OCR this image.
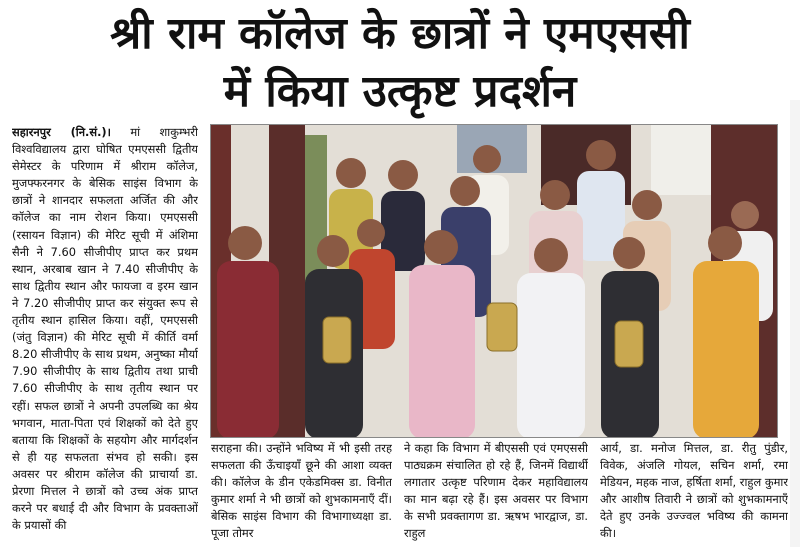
श्री राम कॉलेज के छात्रों ने एमएससी
में किया उत्कृष्ट प्रदर्शन
सहारनपुर (नि.सं.)। मां शाकुम्भरी विश्वविद्यालय द्वारा घोषित एमएससी द्वितीय सेमेस्टर के परिणाम में श्रीराम कॉलेज, मुजफ्फरनगर के बेसिक साइंस विभाग के छात्रों ने शानदार सफलता अर्जित की और कॉलेज का नाम रोशन किया। एमएससी (रसायन विज्ञान) की मेरिट सूची में अंशिमा सैनी ने 7.60 सीजीपीए प्राप्त कर प्रथम स्थान, अरबाब खान ने 7.40 सीजीपीए के साथ द्वितीय स्थान और फायजा व इरम खान ने 7.20 सीजीपीए प्राप्त कर संयुक्त रूप से तृतीय स्थान हासिल किया। वहीं, एमएससी (जंतु विज्ञान) की मेरिट सूची में कीर्ति वर्मा 8.20 सीजीपीए के साथ प्रथम, अनुष्का मौर्या 7.90 सीजीपीए के साथ द्वितीय तथा प्राची 7.60 सीजीपीए के साथ तृतीय स्थान पर रहीं। सफल छात्रों ने अपनी उपलब्धि का श्रेय भगवान, माता-पिता एवं शिक्षकों को देते हुए बताया कि शिक्षकों के सहयोग और मार्गदर्शन से ही यह सफलता संभव हो सकी। इस अवसर पर श्रीराम कॉलेज की प्राचार्या डा. प्रेरणा मित्तल ने छात्रों को उच्च अंक प्राप्त करने पर बधाई दी और विभाग के प्रवक्ताओं के प्रयासों की
सराहना की। उन्होंने भविष्य में भी इसी तरह सफलता की ऊँचाइयाँ छूने की आशा व्यक्त की। कॉलेज के डीन एकेडमिक्स डा. विनीत कुमार शर्मा ने भी छात्रों को शुभकामनाएँ दीं। बेसिक साइंस विभाग की विभागाध्यक्षा डा. पूजा तोमर
ने कहा कि विभाग में बीएससी एवं एमएससी पाठ्यक्रम संचालित हो रहे हैं, जिनमें विद्यार्थी लगातार उत्कृष्ट परिणाम देकर महाविद्यालय का मान बढ़ा रहे हैं। इस अवसर पर विभाग के सभी प्रवक्तागण डा. ऋषभ भारद्वाज, डा. राहुल
आर्य, डा. मनोज मित्तल, डा. रीतु पुंडीर, विवेक, अंजलि गोयल, सचिन शर्मा, रमा मेडियन, महक नाज, हर्षिता शर्मा, राहुल कुमार और आशीष तिवारी ने छात्रों को शुभकामनाएँ देते हुए उनके उज्ज्वल भविष्य की कामना की।
